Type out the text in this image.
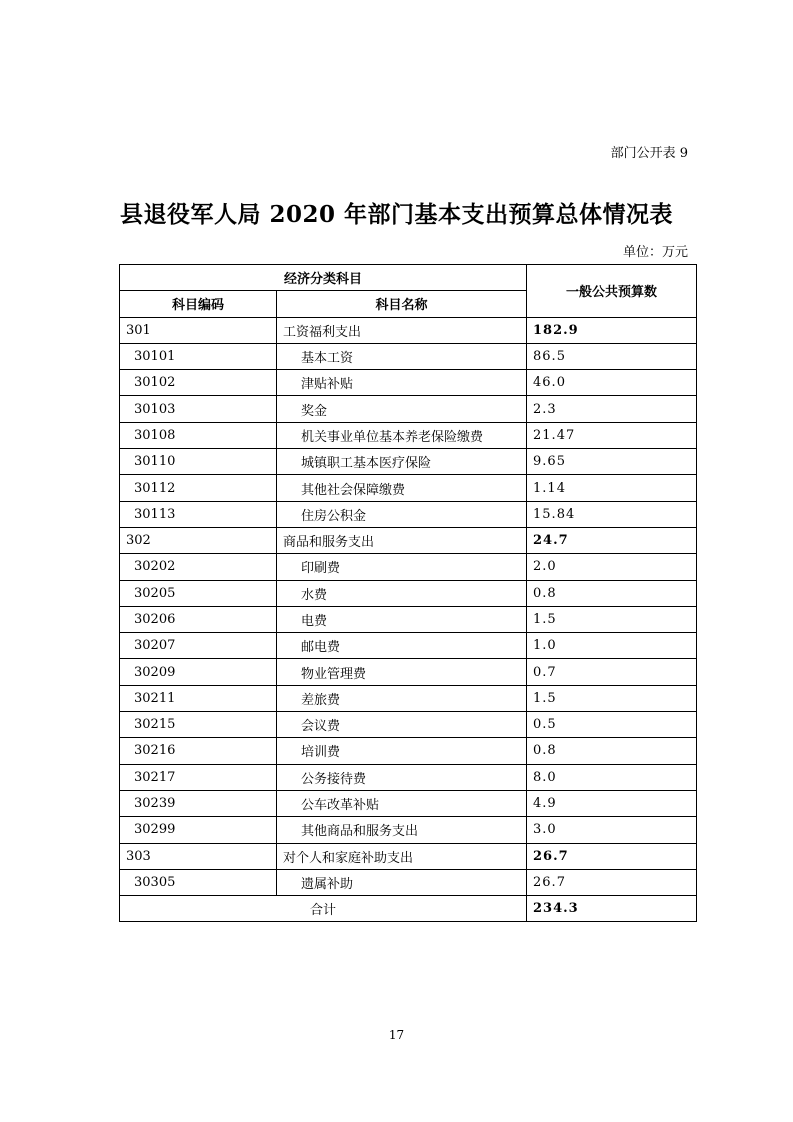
部门公开表 9
县退役军人局 2020 年部门基本支出预算总体情况表
单位：万元
经济分类科目		一般公共预算数
科目编码	科目名称	
301	工资福利支出	182.9
30101	基本工资	86.5
30102	津贴补贴	46.0
30103	奖金	2.3
30108	机关事业单位基本养老保险缴费	21.47
30110	城镇职工基本医疗保险	9.65
30112	其他社会保障缴费	1.14
30113	住房公积金	15.84
302	商品和服务支出	24.7
30202	印刷费	2.0
30205	水费	0.8
30206	电费	1.5
30207	邮电费	1.0
30209	物业管理费	0.7
30211	差旅费	1.5
30215	会议费	0.5
30216	培训费	0.8
30217	公务接待费	8.0
30239	公车改革补贴	4.9
30299	其他商品和服务支出	3.0
303	对个人和家庭补助支出	26.7
30305	遗属补助	26.7
合计		234.3
17
